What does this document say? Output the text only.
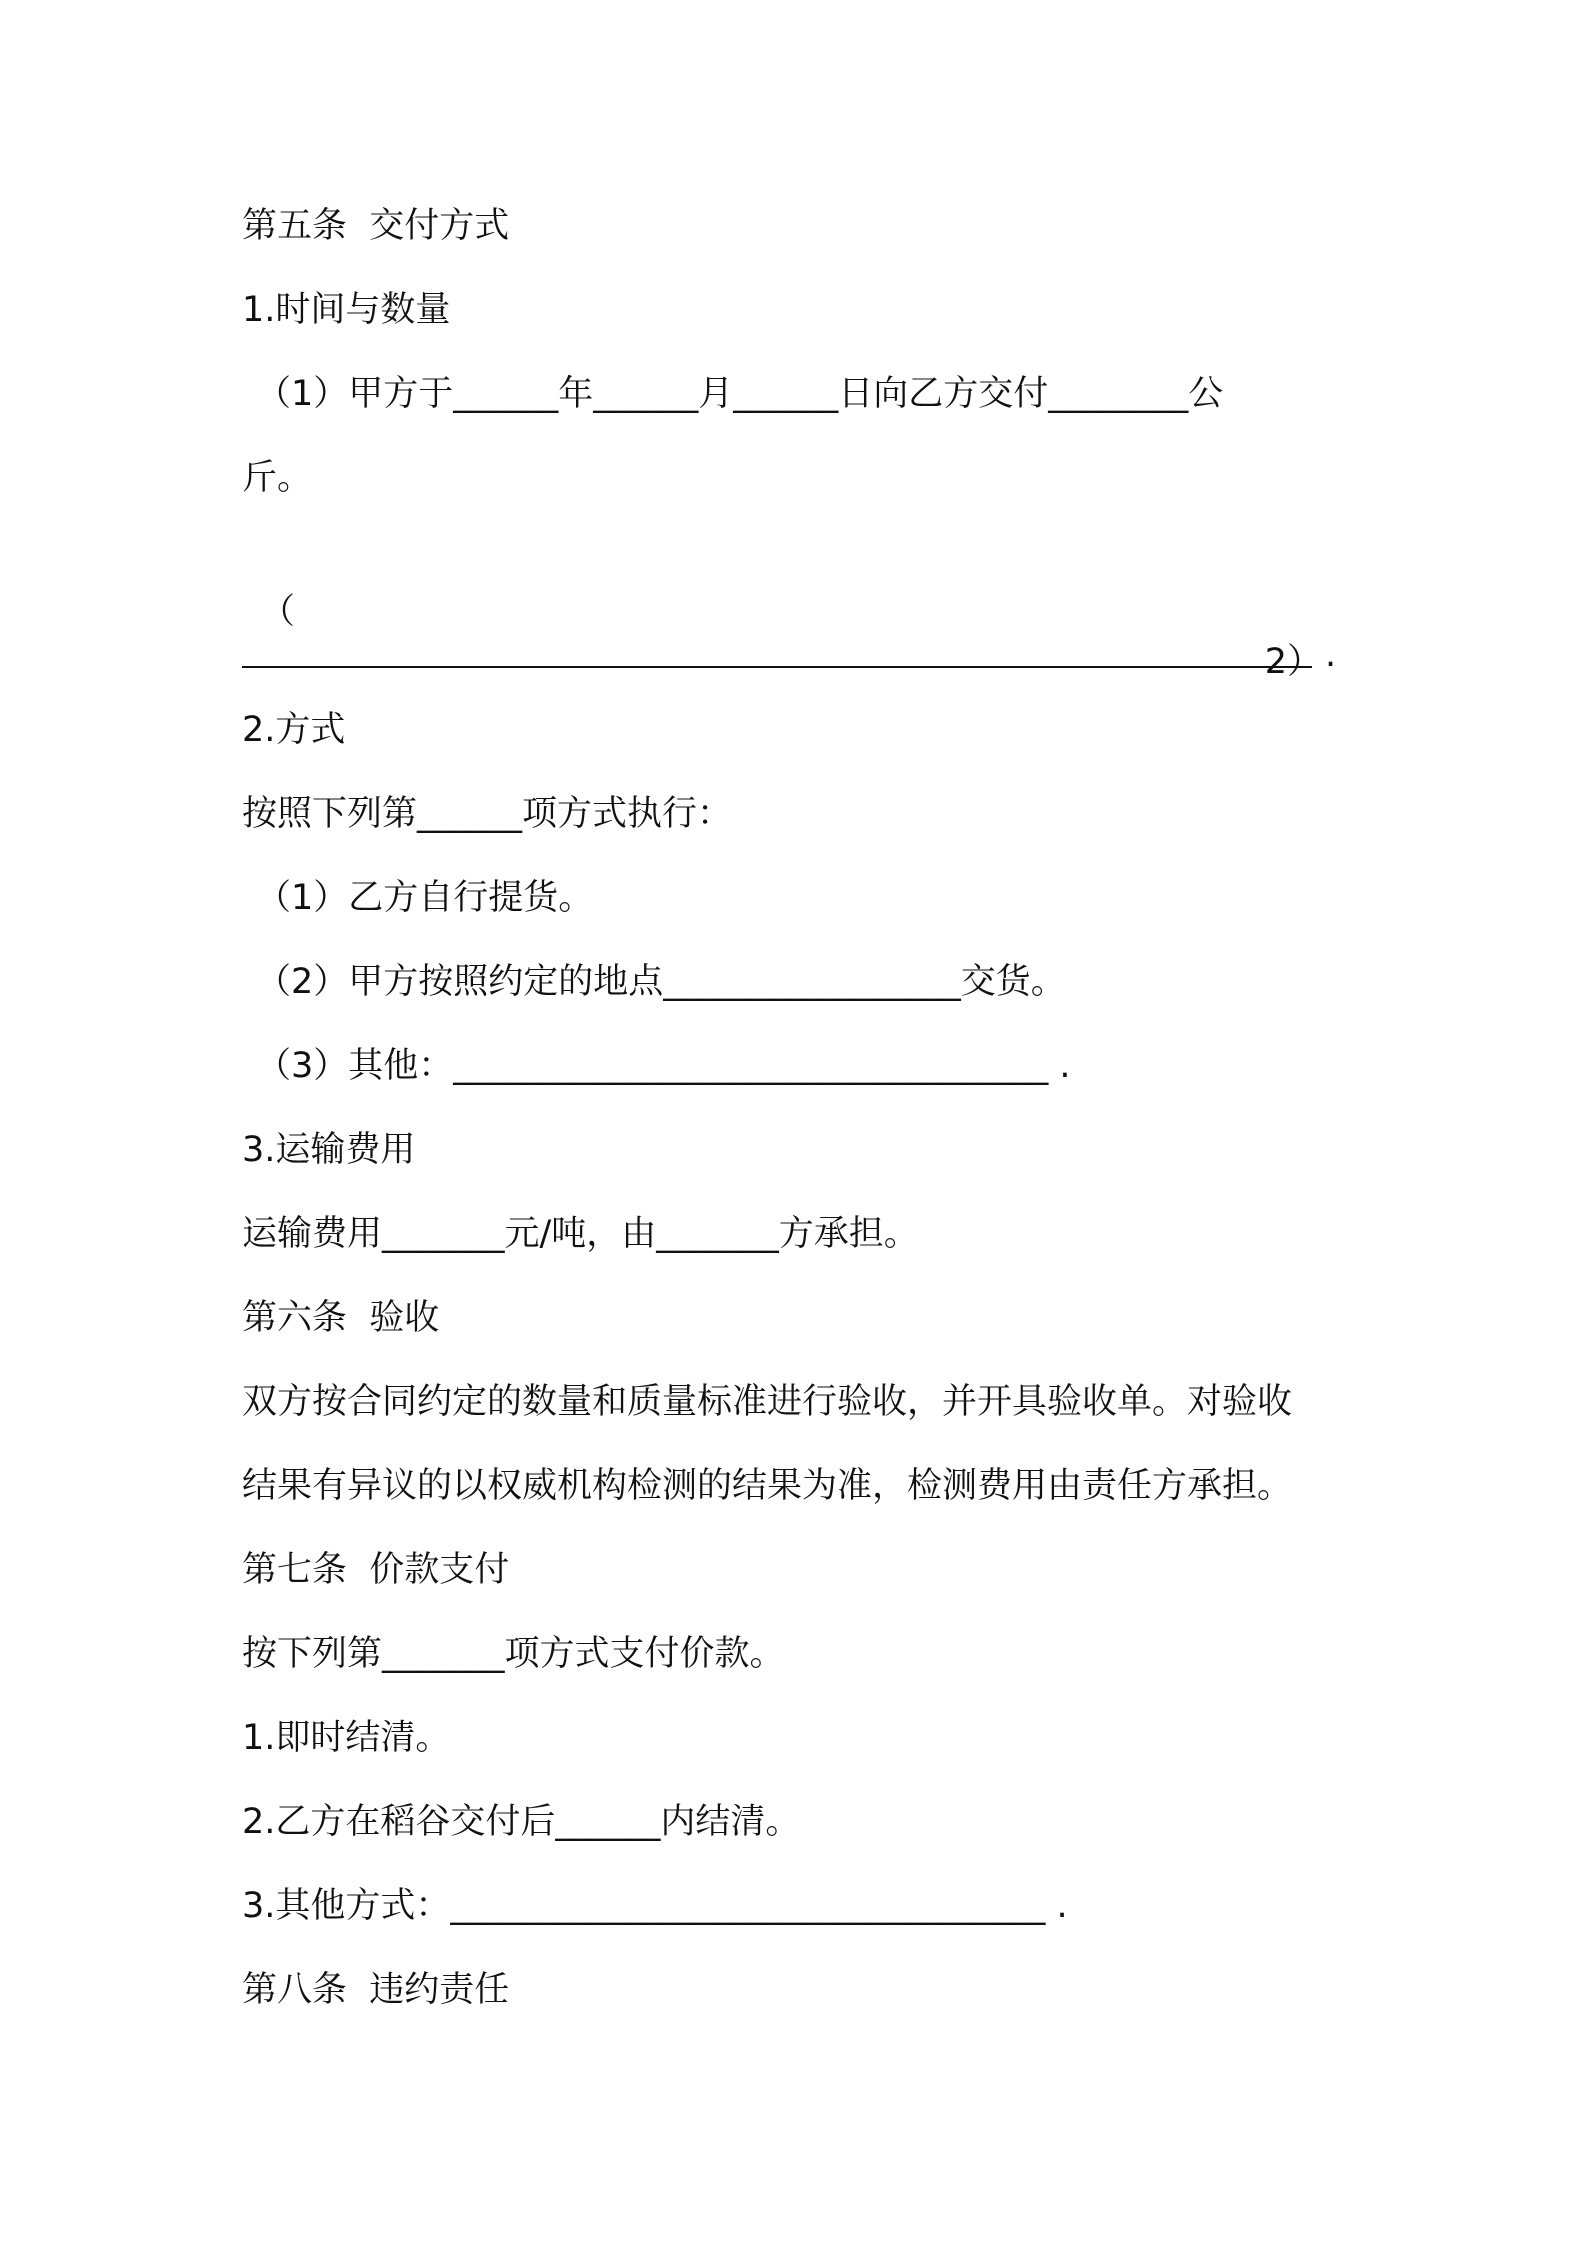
第五条  交付方式
1.时间与数量
（1）甲方于______年______月______日向乙方交付________公
斤。

（

2）

.
2.方式
按照下列第______项方式执行：
（1）乙方自行提货。
（2）甲方按照约定的地点_________________交货。
（3）其他：__________________________________ .
3.运输费用
运输费用_______元/吨，由_______方承担。
第六条  验收
双方按合同约定的数量和质量标准进行验收，并开具验收单。对验收
结果有异议的以权威机构检测的结果为准，检测费用由责任方承担。
第七条  价款支付
按下列第_______项方式支付价款。
1.即时结清。
2.乙方在稻谷交付后______内结清。
3.其他方式：__________________________________ .
第八条  违约责任
